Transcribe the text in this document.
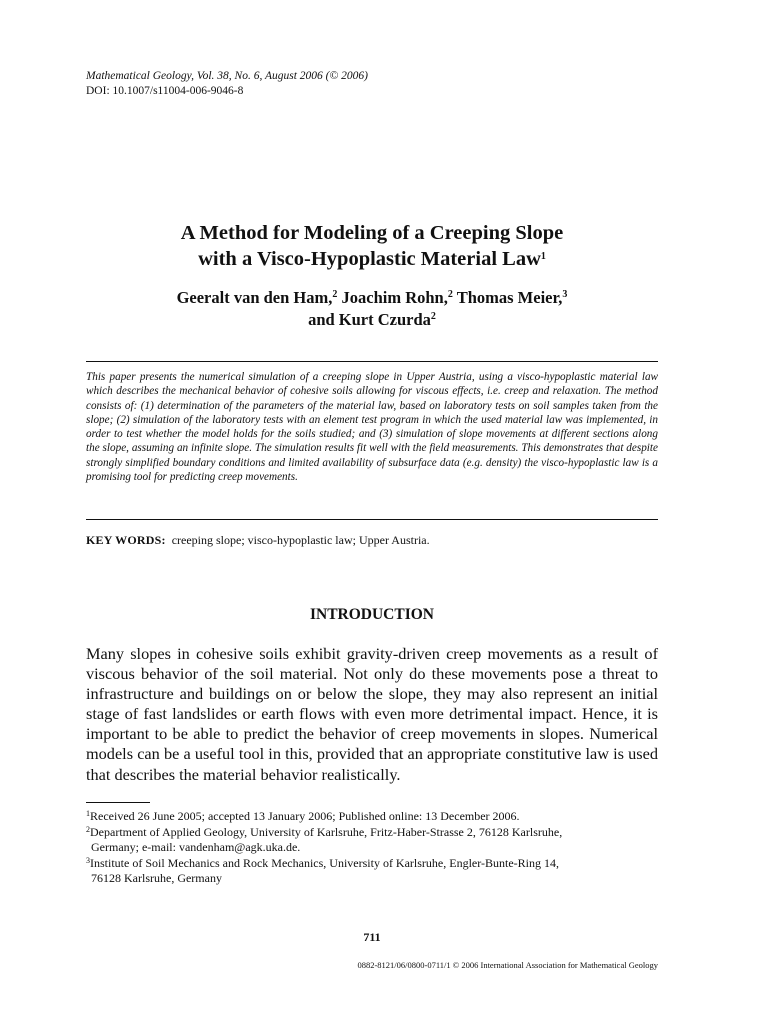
Mathematical Geology, Vol. 38, No. 6, August 2006 (© 2006)
DOI: 10.1007/s11004-006-9046-8
A Method for Modeling of a Creeping Slope
with a Visco-Hypoplastic Material Law$^1$
Geeralt van den Ham,$^2$ Joachim Rohn,$^2$ Thomas Meier,$^3$
and Kurt Czurda$^2$
This paper presents the numerical simulation of a creeping slope in Upper Austria, using a visco-hypoplastic material law which describes the mechanical behavior of cohesive soils allowing for viscous effects, i.e. creep and relaxation. The method consists of: (1) determination of the parameters of the material law, based on laboratory tests on soil samples taken from the slope; (2) simulation of the laboratory tests with an element test program in which the used material law was implemented, in order to test whether the model holds for the soils studied; and (3) simulation of slope movements at different sections along the slope, assuming an infinite slope. The simulation results fit well with the field measurements. This demonstrates that despite strongly simplified boundary conditions and limited availability of subsurface data (e.g. density) the visco-hypoplastic law is a promising tool for predicting creep movements.
KEY WORDS: creeping slope; visco-hypoplastic law; Upper Austria.
INTRODUCTION
Many slopes in cohesive soils exhibit gravity-driven creep movements as a result of viscous behavior of the soil material. Not only do these movements pose a threat to infrastructure and buildings on or below the slope, they may also represent an initial stage of fast landslides or earth flows with even more detrimental impact. Hence, it is important to be able to predict the behavior of creep movements in slopes. Numerical models can be a useful tool in this, provided that an appropriate constitutive law is used that describes the material behavior realistically.
$^1$Received 26 June 2005; accepted 13 January 2006; Published online: 13 December 2006.
$^2$Department of Applied Geology, University of Karlsruhe, Fritz-Haber-Strasse 2, 76128 Karlsruhe,
Germany; e-mail: vandenham@agk.uka.de.
$^3$Institute of Soil Mechanics and Rock Mechanics, University of Karlsruhe, Engler-Bunte-Ring 14,
76128 Karlsruhe, Germany
711
0882-8121/06/0800-0711/1 © 2006 International Association for Mathematical Geology
